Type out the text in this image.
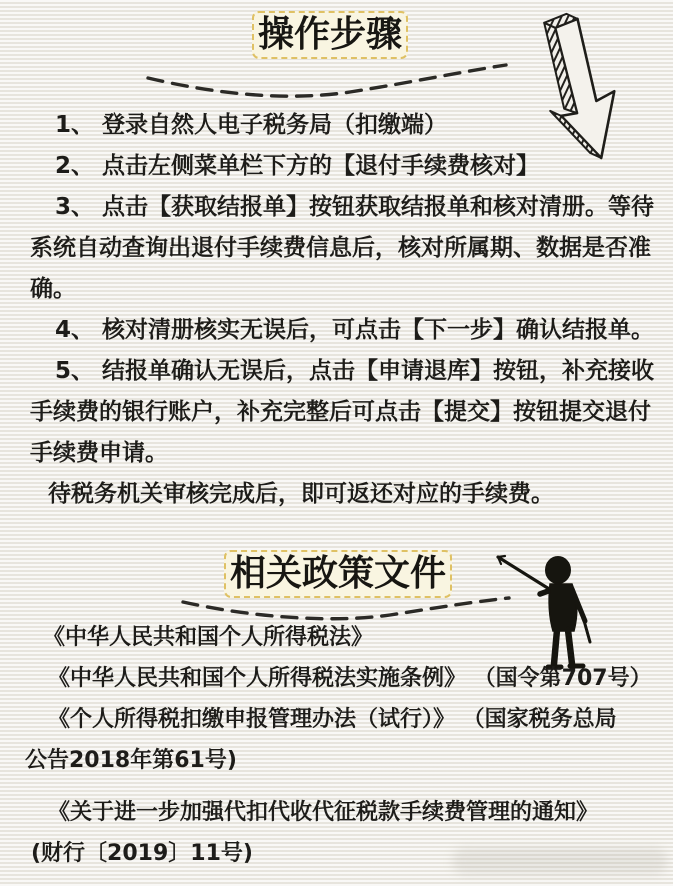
操作步骤
1、 登录自然人电子税务局（扣缴端）
2、 点击左侧菜单栏下方的【退付手续费核对】
3、 点击【获取结报单】按钮获取结报单和核对清册。等待
系统自动查询出退付手续费信息后，核对所属期、数据是否准
确。
4、 核对清册核实无误后，可点击【下一步】确认结报单。
5、 结报单确认无误后，点击【申请退库】按钮，补充接收
手续费的银行账户，补充完整后可点击【提交】按钮提交退付
手续费申请。
待税务机关审核完成后，即可返还对应的手续费。
相关政策文件
《中华人民共和国个人所得税法》
《中华人民共和国个人所得税法实施条例》 （国令第707号）
《个人所得税扣缴申报管理办法（试行）》 （国家税务总局
公告2018年第61号)
《关于进一步加强代扣代收代征税款手续费管理的通知》
(财行〔2019〕11号)
